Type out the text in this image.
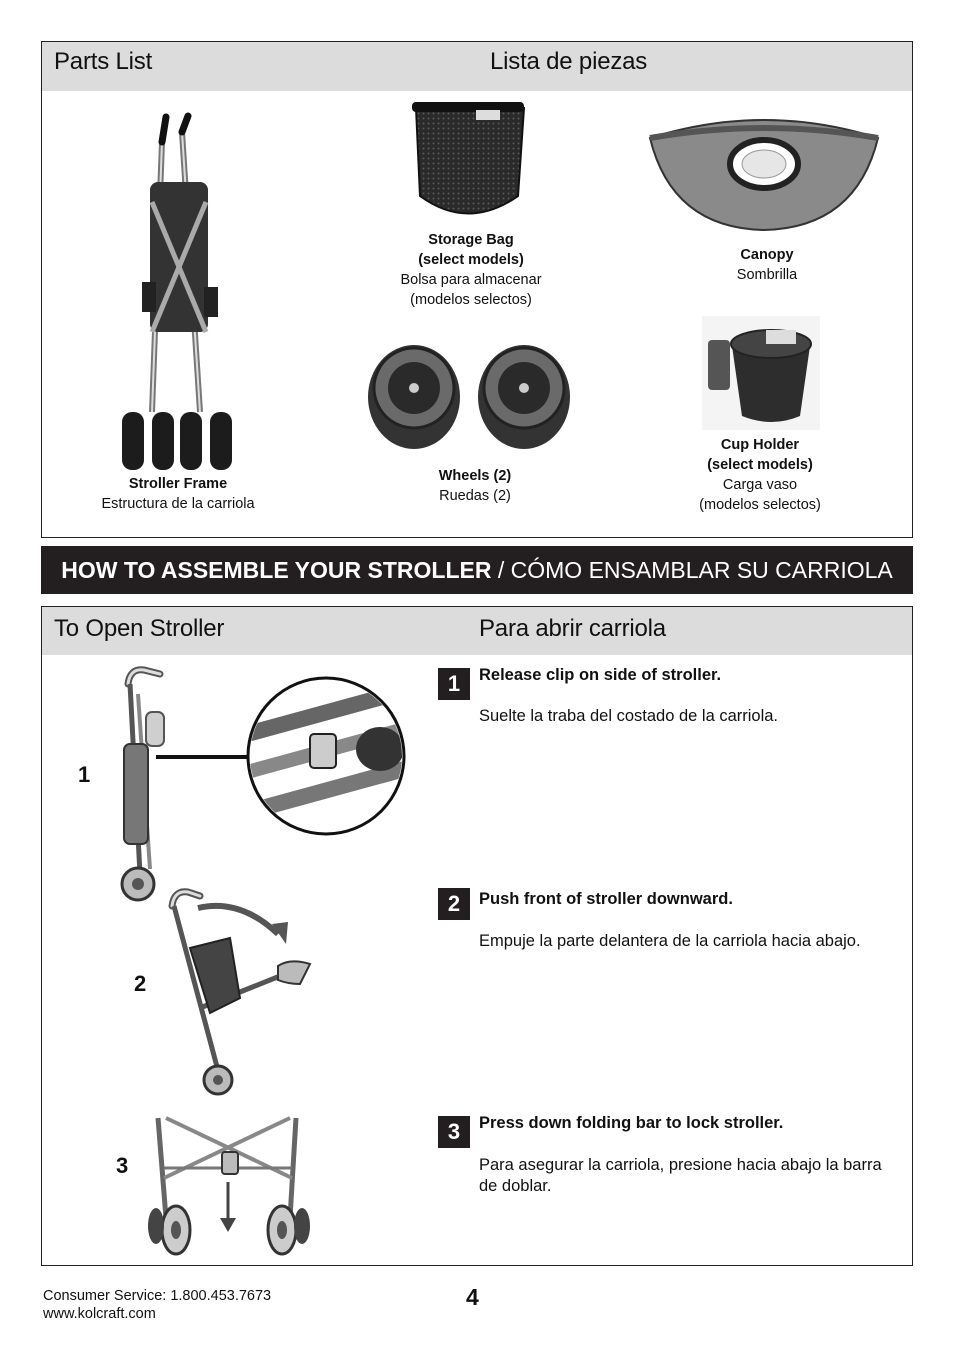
Parts List	Lista de piezas
Stroller Frame
Estructura de la carriola
Storage Bag
(select models)
Bolsa para almacenar
(modelos selectos)
Canopy
Sombrilla
Wheels (2)
Ruedas (2)
Cup Holder
(select models)
Carga vaso
(modelos selectos)
HOW TO ASSEMBLE YOUR STROLLER / CÓMO ENSAMBLAR SU CARRIOLA
To Open Stroller	Para abrir carriola
1
2
3
1	Release clip on side of stroller.
Suelte la traba del costado de la carriola.
2	Push front of stroller downward.
Empuje la parte delantera de la carriola hacia abajo.
3	Press down folding bar to lock stroller.
Para asegurar la carriola, presione hacia abajo la barra de doblar.
Consumer Service: 1.800.453.7673
www.kolcraft.com
4
